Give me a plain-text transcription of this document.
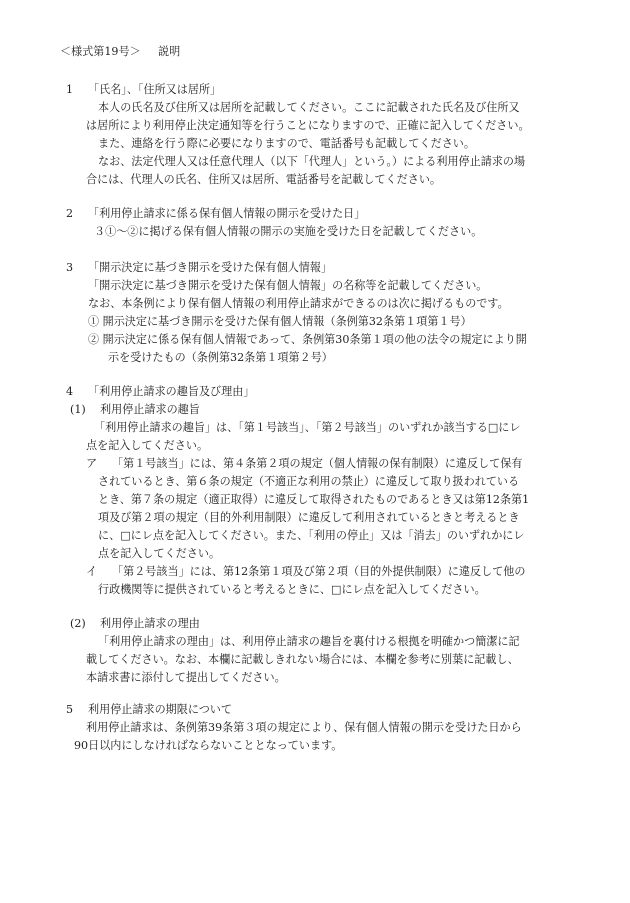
＜様式第19号＞ 説明
1 「氏名」、「住所又は居所」
本人の氏名及び住所又は居所を記載してください。ここに記載された氏名及び住所又
は居所により利用停止決定通知等を行うことになりますので、正確に記入してください。
また、連絡を行う際に必要になりますので、電話番号も記載してください。
なお、法定代理人又は任意代理人（以下「代理人」という。）による利用停止請求の場
合には、代理人の氏名、住所又は居所、電話番号を記載してください。
2 「利用停止請求に係る保有個人情報の開示を受けた日」
３①～②に掲げる保有個人情報の開示の実施を受けた日を記載してください。
3 「開示決定に基づき開示を受けた保有個人情報」
「開示決定に基づき開示を受けた保有個人情報」の名称等を記載してください。
なお、本条例により保有個人情報の利用停止請求ができるのは次に掲げるものです。
① 開示決定に基づき開示を受けた保有個人情報（条例第32条第１項第１号）
② 開示決定に係る保有個人情報であって、条例第30条第１項の他の法令の規定により開
示を受けたもの（条例第32条第１項第２号）
4 「利用停止請求の趣旨及び理由」
(1) 利用停止請求の趣旨
「利用停止請求の趣旨」は、「第１号該当」、「第２号該当」のいずれか該当する□にレ
点を記入してください。
ア 「第１号該当」には、第４条第２項の規定（個人情報の保有制限）に違反して保有
されているとき、第６条の規定（不適正な利用の禁止）に違反して取り扱われている
とき、第７条の規定（適正取得）に違反して取得されたものであるとき又は第12条第1
項及び第２項の規定（目的外利用制限）に違反して利用されているときと考えるとき
に、□にレ点を記入してください。また、「利用の停止」又は「消去」のいずれかにレ
点を記入してください。
イ 「第２号該当」には、第12条第１項及び第２項（目的外提供制限）に違反して他の
行政機関等に提供されていると考えるときに、□にレ点を記入してください。
(2) 利用停止請求の理由
「利用停止請求の理由」は、利用停止請求の趣旨を裏付ける根拠を明確かつ簡潔に記
載してください。なお、本欄に記載しきれない場合には、本欄を参考に別葉に記載し、
本請求書に添付して提出してください。
5 利用停止請求の期限について
利用停止請求は、条例第39条第３項の規定により、保有個人情報の開示を受けた日から
90日以内にしなければならないこととなっています。
